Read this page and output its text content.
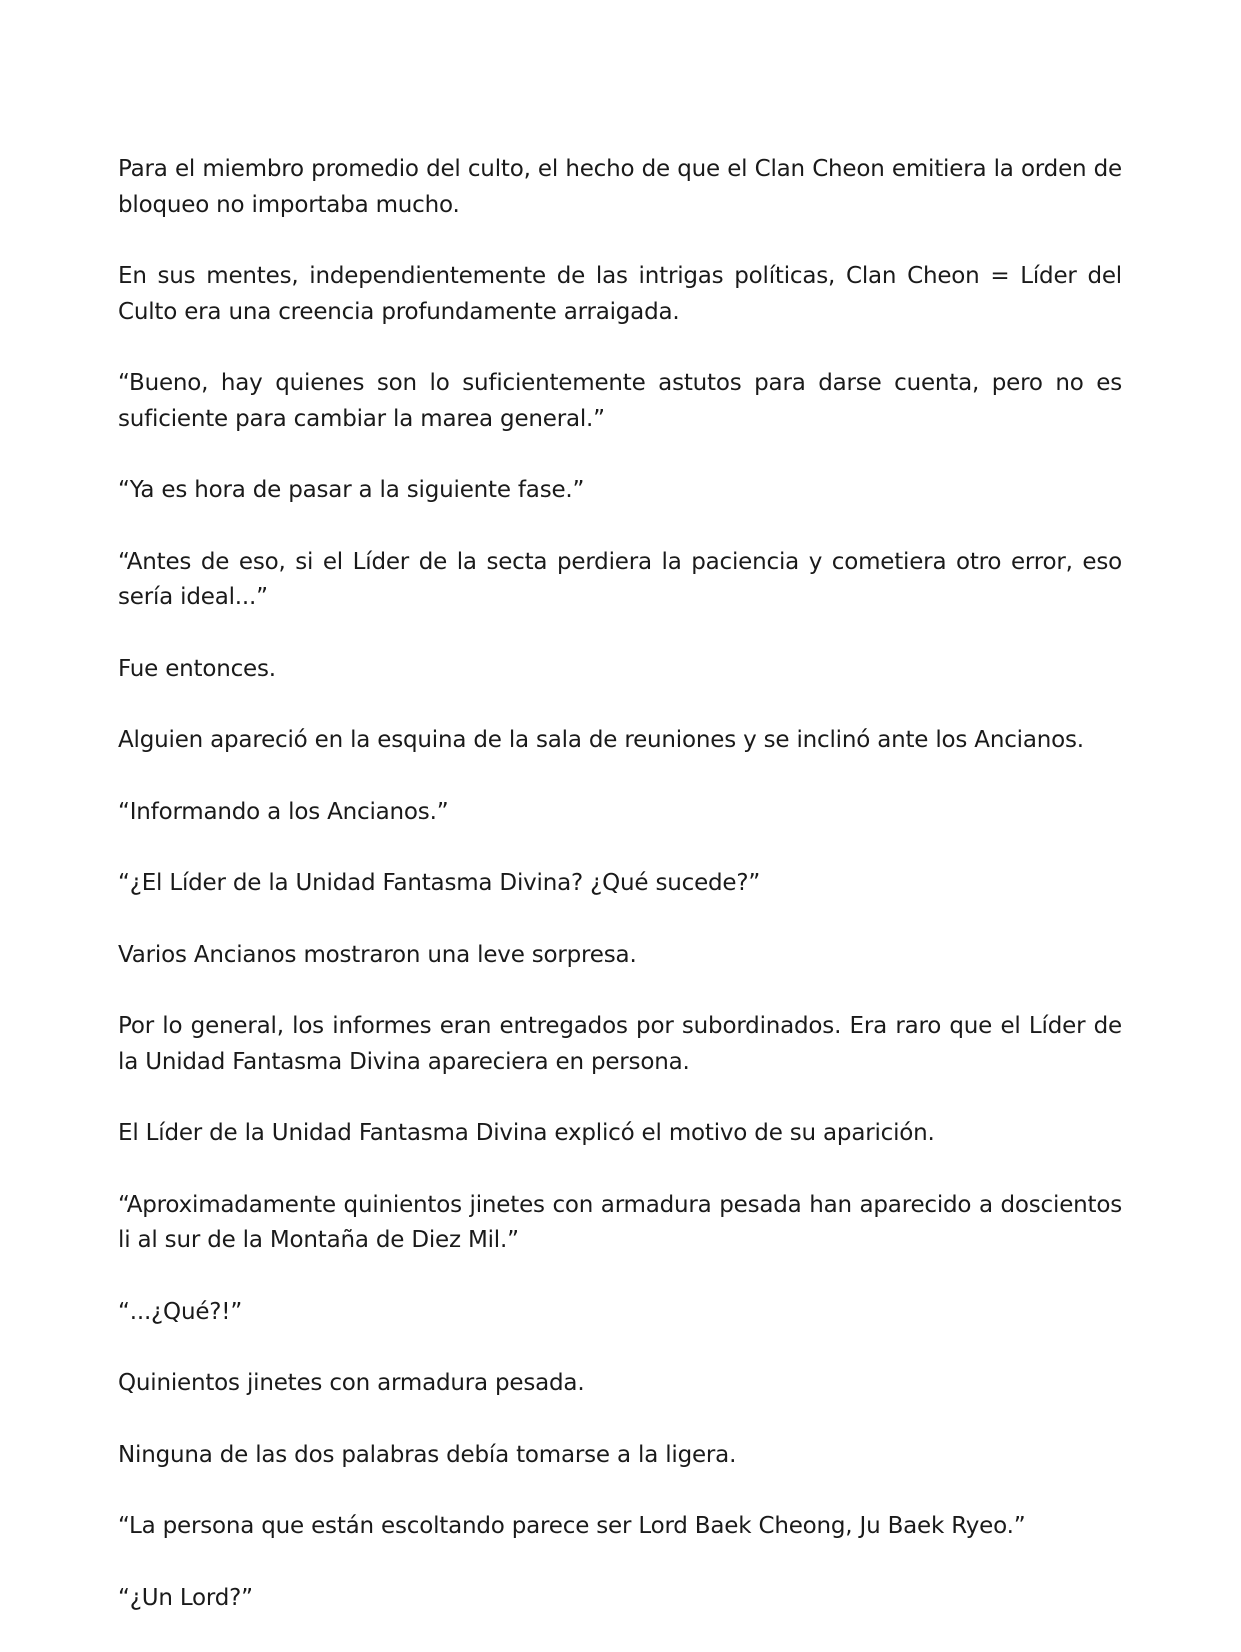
Para el miembro promedio del culto, el hecho de que el Clan Cheon emitiera la orden de bloqueo no importaba mucho.

En sus mentes, independientemente de las intrigas políticas, Clan Cheon = Líder del Culto era una creencia profundamente arraigada.

“Bueno, hay quienes son lo suficientemente astutos para darse cuenta, pero no es suficiente para cambiar la marea general.”

“Ya es hora de pasar a la siguiente fase.”

“Antes de eso, si el Líder de la secta perdiera la paciencia y cometiera otro error, eso sería ideal...”

Fue entonces.

Alguien apareció en la esquina de la sala de reuniones y se inclinó ante los Ancianos.

“Informando a los Ancianos.”

“¿El Líder de la Unidad Fantasma Divina? ¿Qué sucede?”

Varios Ancianos mostraron una leve sorpresa.

Por lo general, los informes eran entregados por subordinados. Era raro que el Líder de la Unidad Fantasma Divina apareciera en persona.

El Líder de la Unidad Fantasma Divina explicó el motivo de su aparición.

“Aproximadamente quinientos jinetes con armadura pesada han aparecido a doscientos li al sur de la Montaña de Diez Mil.”

“...¿Qué?!”

Quinientos jinetes con armadura pesada.

Ninguna de las dos palabras debía tomarse a la ligera.

“La persona que están escoltando parece ser Lord Baek Cheong, Ju Baek Ryeo.”

“¿Un Lord?”
